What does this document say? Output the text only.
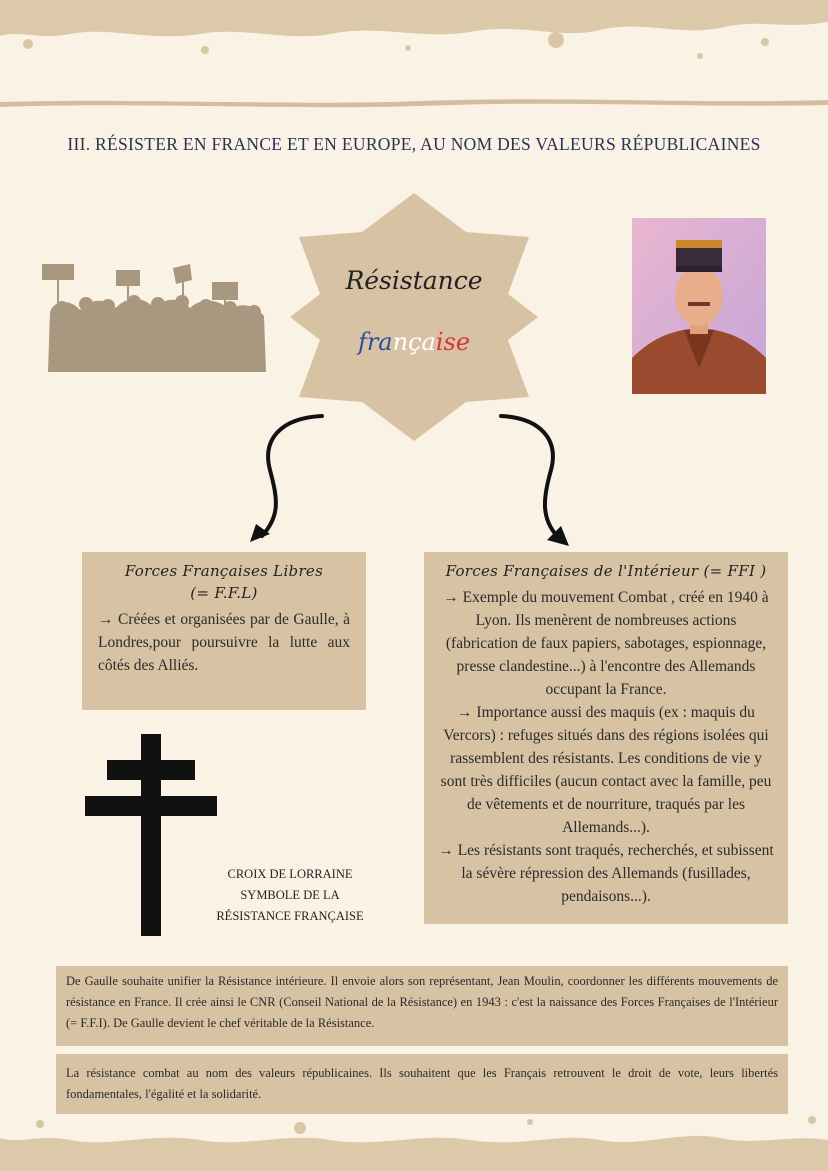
III. RÉSISTER EN FRANCE ET EN EUROPE, AU NOM DES VALEURS RÉPUBLICAINES
Résistance
française
Forces Françaises Libres
(= F.F.L)
→ Créées et organisées par de Gaulle, à Londres,pour poursuivre la lutte aux côtés des Alliés.
Forces Françaises de l'Intérieur (= FFI )
→ Exemple du mouvement Combat , créé en 1940 à Lyon. Ils menèrent de nombreuses actions (fabrication de faux papiers, sabotages, espionnage, presse clandestine...) à l'encontre des Allemands occupant la France.
→ Importance aussi des maquis (ex : maquis du Vercors) : refuges situés dans des régions isolées qui rassemblent des résistants. Les conditions de vie y sont très difficiles (aucun contact avec la famille, peu de vêtements et de nourriture, traqués par les Allemands...).
→ Les résistants sont traqués, recherchés, et subissent la sévère répression des Allemands (fusillades, pendaisons...).
CROIX DE LORRAINE
SYMBOLE DE LA
RÉSISTANCE FRANÇAISE
De Gaulle souhaite unifier la Résistance intérieure. Il envoie alors son représentant, Jean Moulin, coordonner les différents mouvements de résistance en France. Il crée ainsi le CNR (Conseil National de la Résistance) en 1943 : c'est la naissance des Forces Françaises de l'Intérieur (= F.F.I). De Gaulle devient le chef véritable de la Résistance.
La résistance combat au nom des valeurs républicaines. Ils souhaitent que les Français retrouvent le droit de vote, leurs libertés fondamentales, l'égalité et la solidarité.
